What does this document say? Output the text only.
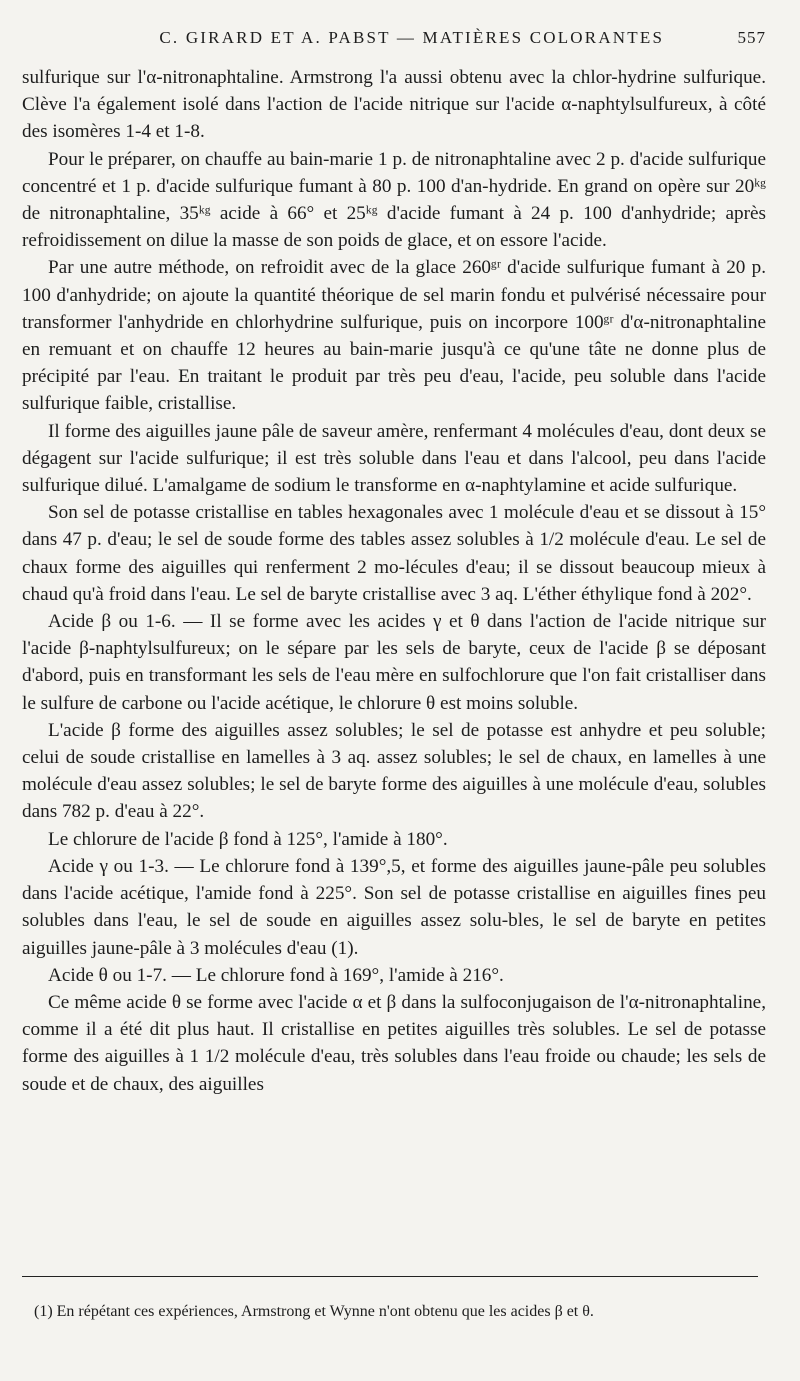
C. GIRARD ET A. PABST — MATIÈRES COLORANTES	557

sulfurique sur l'α-nitronaphtaline. Armstrong l'a aussi obtenu avec la chlor-hydrine sulfurique. Clève l'a également isolé dans l'action de l'acide nitrique sur l'acide α-naphtylsulfureux, à côté des isomères 1-4 et 1-8.

Pour le préparer, on chauffe au bain-marie 1 p. de nitronaphtaline avec 2 p. d'acide sulfurique concentré et 1 p. d'acide sulfurique fumant à 80 p. 100 d'an-hydride. En grand on opère sur 20ᵏᵍ de nitronaphtaline, 35ᵏᵍ acide à 66° et 25ᵏᵍ d'acide fumant à 24 p. 100 d'anhydride; après refroidissement on dilue la masse de son poids de glace, et on essore l'acide.

Par une autre méthode, on refroidit avec de la glace 260ᵍʳ d'acide sulfurique fumant à 20 p. 100 d'anhydride; on ajoute la quantité théorique de sel marin fondu et pulvérisé nécessaire pour transformer l'anhydride en chlorhydrine sulfurique, puis on incorpore 100ᵍʳ d'α-nitronaphtaline en remuant et on chauffe 12 heures au bain-marie jusqu'à ce qu'une tâte ne donne plus de précipité par l'eau. En traitant le produit par très peu d'eau, l'acide, peu soluble dans l'acide sulfurique faible, cristallise.

Il forme des aiguilles jaune pâle de saveur amère, renfermant 4 molécules d'eau, dont deux se dégagent sur l'acide sulfurique; il est très soluble dans l'eau et dans l'alcool, peu dans l'acide sulfurique dilué. L'amalgame de sodium le transforme en α-naphtylamine et acide sulfurique.

Son sel de potasse cristallise en tables hexagonales avec 1 molécule d'eau et se dissout à 15° dans 47 p. d'eau; le sel de soude forme des tables assez solubles à 1/2 molécule d'eau. Le sel de chaux forme des aiguilles qui renferment 2 mo-lécules d'eau; il se dissout beaucoup mieux à chaud qu'à froid dans l'eau. Le sel de baryte cristallise avec 3 aq. L'éther éthylique fond à 202°.

Acide β ou 1-6. — Il se forme avec les acides γ et θ dans l'action de l'acide nitrique sur l'acide β-naphtylsulfureux; on le sépare par les sels de baryte, ceux de l'acide β se déposant d'abord, puis en transformant les sels de l'eau mère en sulfochlorure que l'on fait cristalliser dans le sulfure de carbone ou l'acide acétique, le chlorure θ est moins soluble.

L'acide β forme des aiguilles assez solubles; le sel de potasse est anhydre et peu soluble; celui de soude cristallise en lamelles à 3 aq. assez solubles; le sel de chaux, en lamelles à une molécule d'eau assez solubles; le sel de baryte forme des aiguilles à une molécule d'eau, solubles dans 782 p. d'eau à 22°.

Le chlorure de l'acide β fond à 125°, l'amide à 180°.

Acide γ ou 1-3. — Le chlorure fond à 139°,5, et forme des aiguilles jaune-pâle peu solubles dans l'acide acétique, l'amide fond à 225°. Son sel de potasse cristallise en aiguilles fines peu solubles dans l'eau, le sel de soude en aiguilles assez solu-bles, le sel de baryte en petites aiguilles jaune-pâle à 3 molécules d'eau (1).

Acide θ ou 1-7. — Le chlorure fond à 169°, l'amide à 216°.

Ce même acide θ se forme avec l'acide α et β dans la sulfoconjugaison de l'α-nitronaphtaline, comme il a été dit plus haut. Il cristallise en petites aiguilles très solubles. Le sel de potasse forme des aiguilles à 1 1/2 molécule d'eau, très solubles dans l'eau froide ou chaude; les sels de soude et de chaux, des aiguilles

(1) En répétant ces expériences, Armstrong et Wynne n'ont obtenu que les acides β et θ.
